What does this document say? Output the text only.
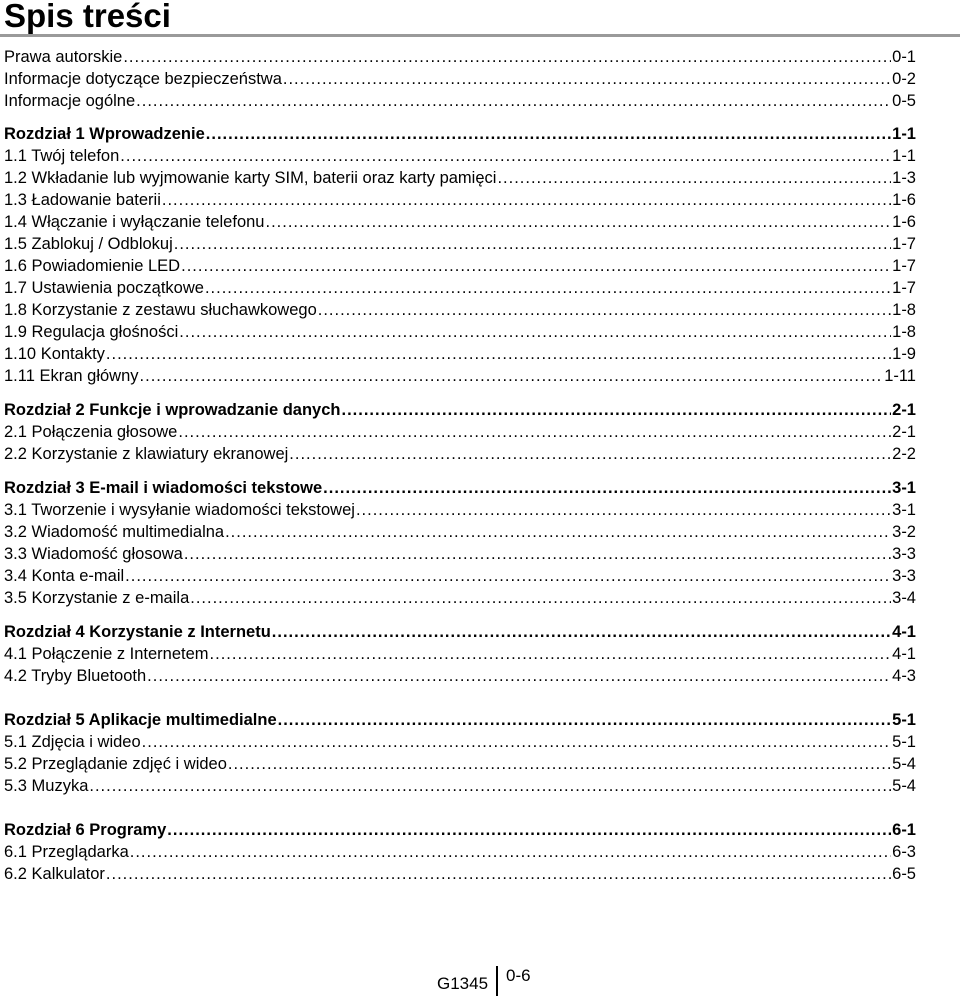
Spis treści
Prawa autorskie .....	0-1
Informacje dotyczące bezpieczeństwa .....	0-2
Informacje ogólne .....	0-5
Rozdział 1 Wprowadzenie .....	1-1
1.1 Twój telefon .....	1-1
1.2 Wkładanie lub wyjmowanie karty SIM, baterii oraz karty pamięci .....	1-3
1.3 Ładowanie baterii .....	1-6
1.4 Włączanie i wyłączanie telefonu .....	1-6
1.5 Zablokuj / Odblokuj .....	1-7
1.6 Powiadomienie LED .....	1-7
1.7 Ustawienia początkowe .....	1-7
1.8 Korzystanie z zestawu słuchawkowego .....	1-8
1.9 Regulacja głośności .....	1-8
1.10 Kontakty .....	1-9
1.11 Ekran główny .....	1-11
Rozdział 2 Funkcje i wprowadzanie danych .....	2-1
2.1 Połączenia głosowe .....	2-1
2.2 Korzystanie z klawiatury ekranowej .....	2-2
Rozdział 3 E-mail i wiadomości tekstowe .....	3-1
3.1 Tworzenie i wysyłanie wiadomości tekstowej .....	3-1
3.2 Wiadomość multimedialna .....	3-2
3.3 Wiadomość głosowa .....	3-3
3.4 Konta e-mail .....	3-3
3.5 Korzystanie z e-maila .....	3-4
Rozdział 4 Korzystanie z Internetu .....	4-1
4.1 Połączenie z Internetem .....	4-1
4.2 Tryby Bluetooth .....	4-3
Rozdział 5 Aplikacje multimedialne .....	5-1
5.1 Zdjęcia i wideo .....	5-1
5.2 Przeglądanie zdjęć i wideo .....	5-4
5.3 Muzyka .....	5-4
Rozdział 6 Programy .....	6-1
6.1 Przeglądarka .....	6-3
6.2 Kalkulator .....	6-5
G1345	0-6
